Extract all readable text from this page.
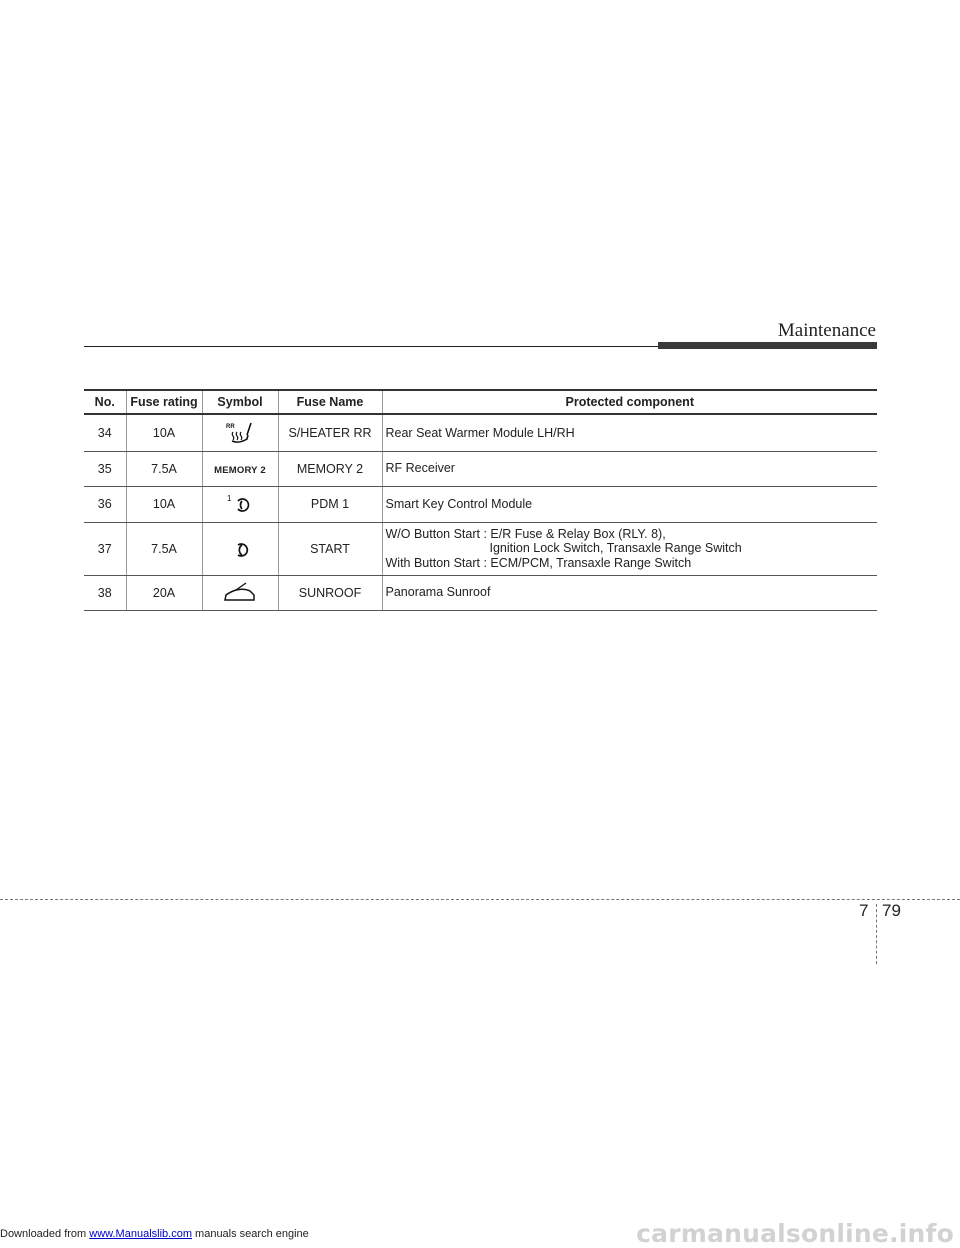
Maintenance
No.	Fuse rating	Symbol	Fuse Name	Protected component
34	10A	RR	S/HEATER RR	Rear Seat Warmer Module LH/RH
35	7.5A	MEMORY 2	MEMORY 2	RF Receiver
36	10A	1	PDM 1	Smart Key Control Module
37	7.5A		START	W/O Button Start : E/R Fuse & Relay Box (RLY. 8),
Ignition Lock Switch, Transaxle Range Switch
With Button Start : ECM/PCM, Transaxle Range Switch

38	20A		SUNROOF	Panorama Sunroof
7 79
Downloaded from www.Manualslib.com manuals search engine	carmanualsonline.info
